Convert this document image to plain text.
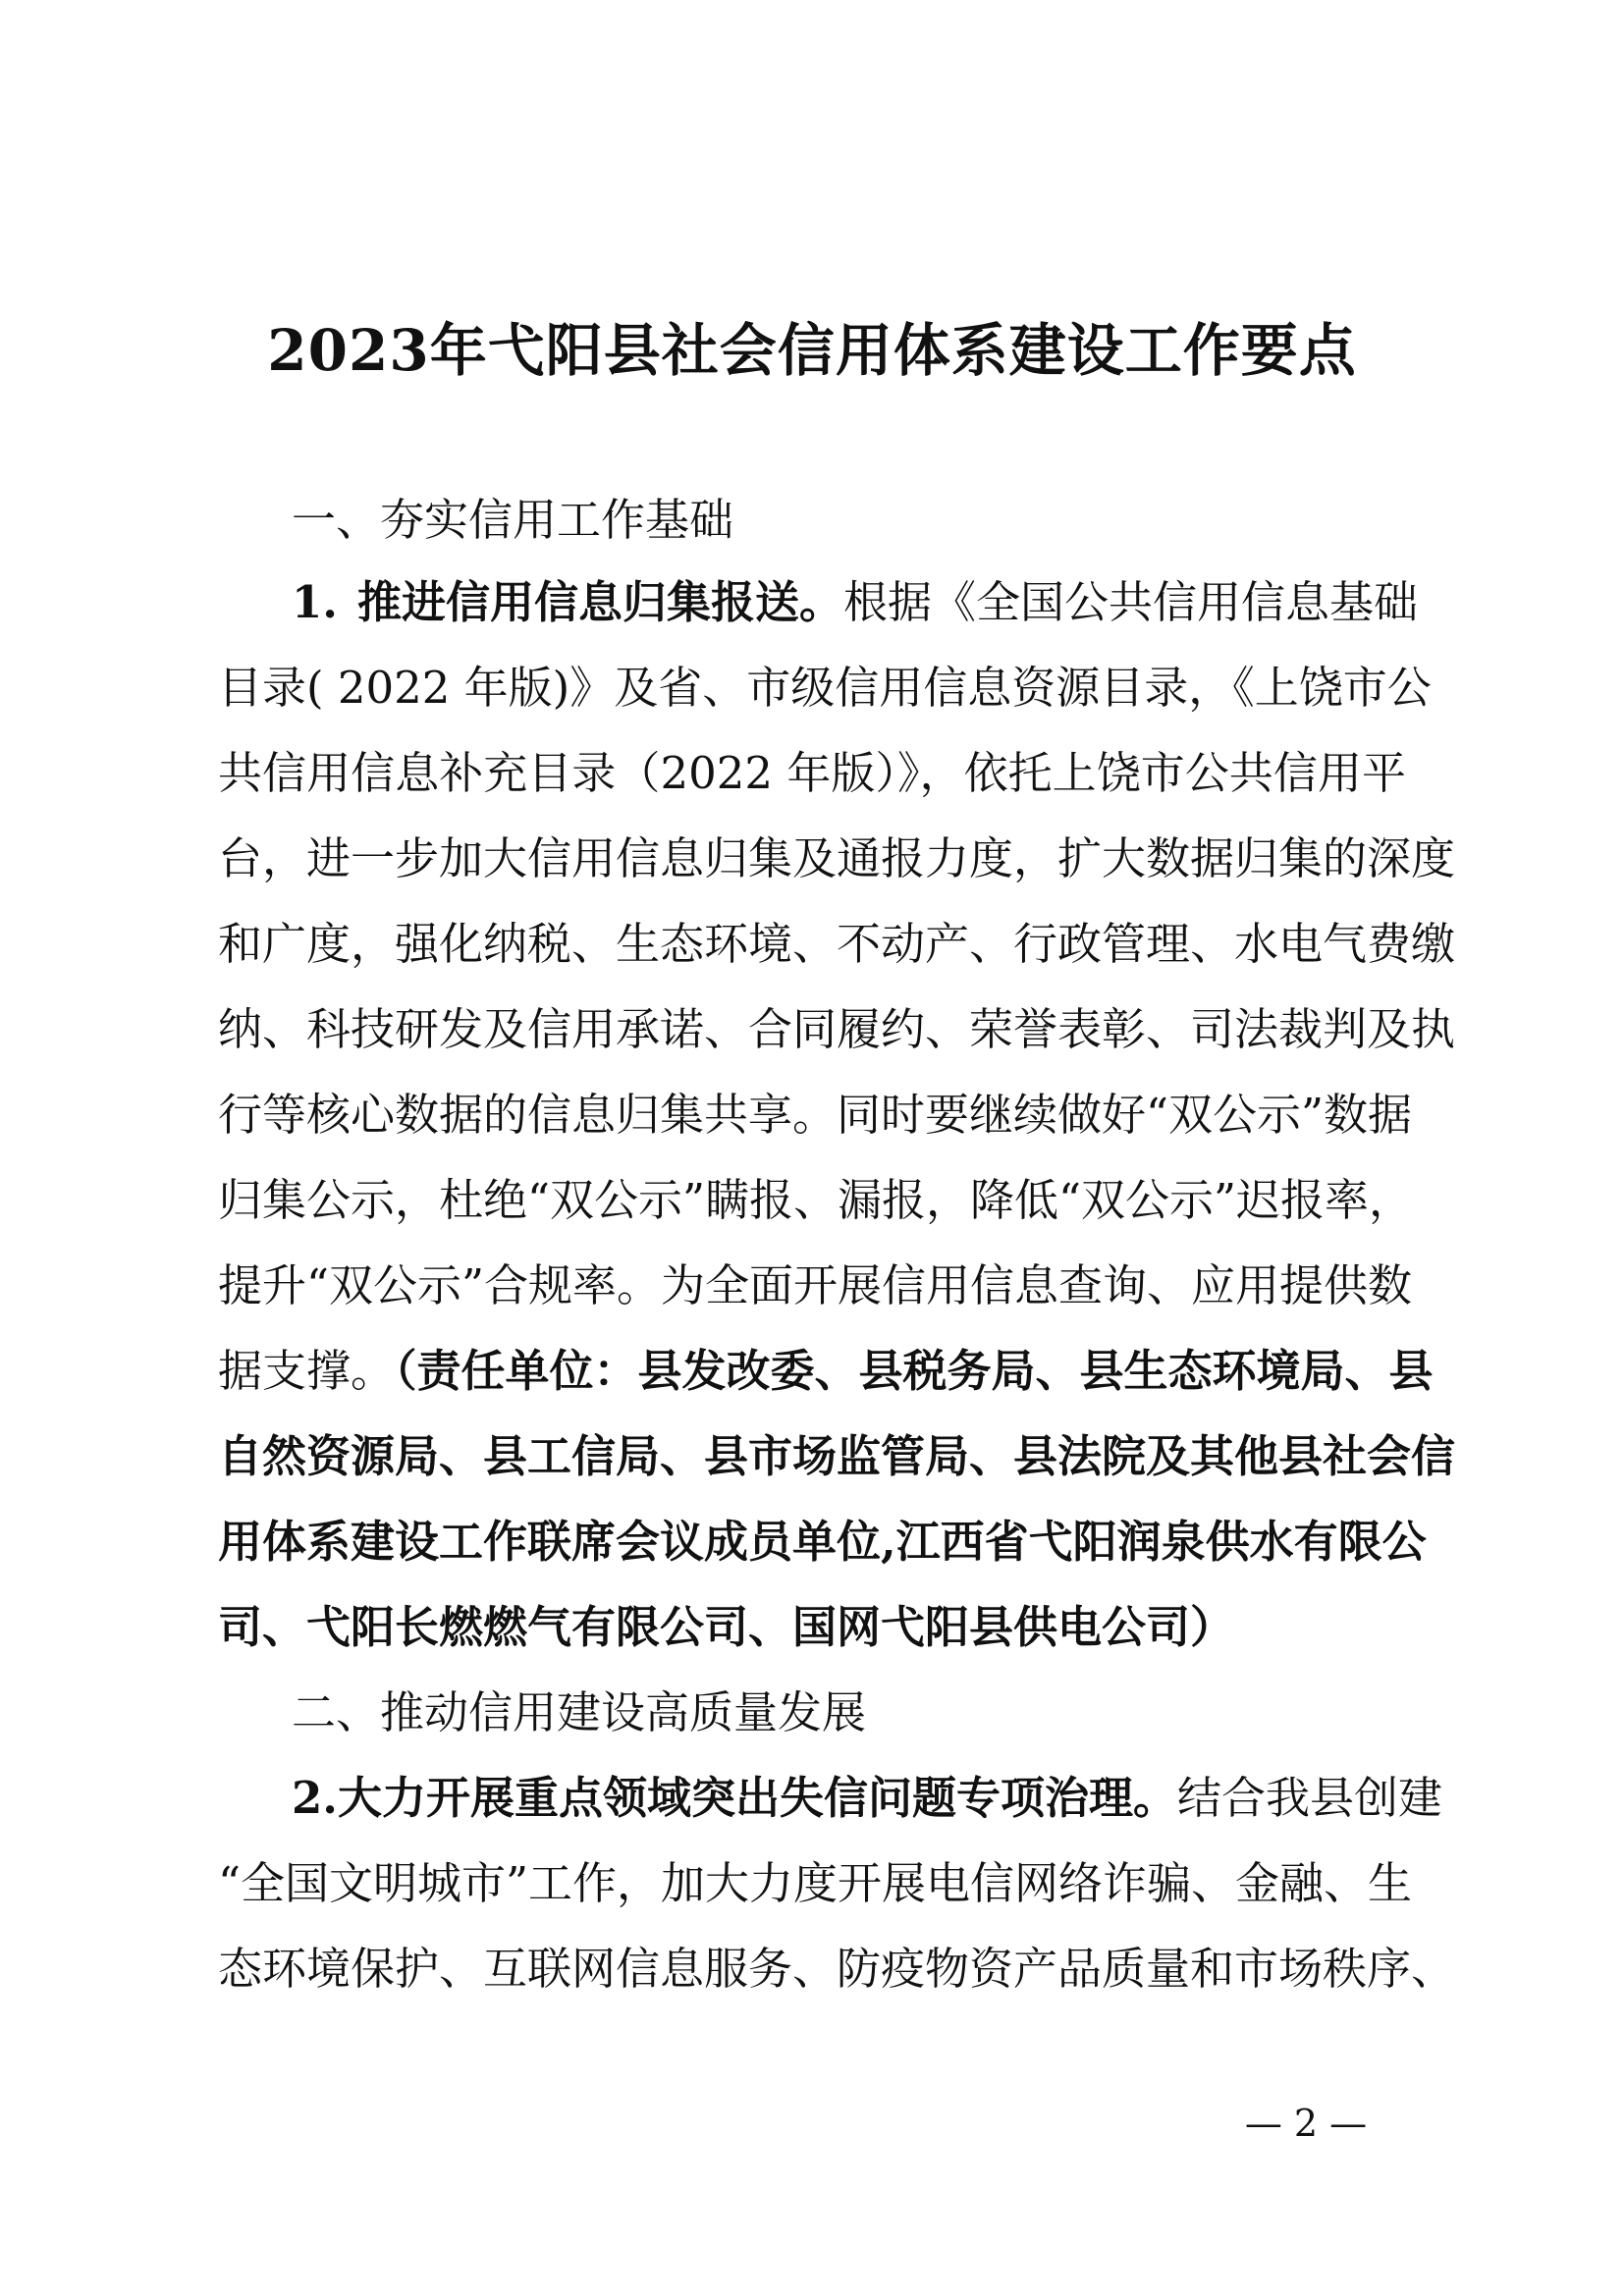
2023年弋阳县社会信用体系建设工作要点
一、夯实信用工作基础
1. 推进信用信息归集报送。根据《全国公共信用信息基础
目录( 2022 年版)》及省、市级信用信息资源目录，《上饶市公
共信用信息补充目录（2022 年版）》，依托上饶市公共信用平
台，进一步加大信用信息归集及通报力度，扩大数据归集的深度
和广度，强化纳税、生态环境、不动产、行政管理、水电气费缴
纳、科技研发及信用承诺、合同履约、荣誉表彰、司法裁判及执
行等核心数据的信息归集共享。同时要继续做好“双公示”数据
归集公示，杜绝“双公示”瞒报、漏报，降低“双公示”迟报率，
提升“双公示”合规率。为全面开展信用信息查询、应用提供数
据支撑。（责任单位：县发改委、县税务局、县生态环境局、县
自然资源局、县工信局、县市场监管局、县法院及其他县社会信
用体系建设工作联席会议成员单位,江西省弋阳润泉供水有限公
司、弋阳长燃燃气有限公司、国网弋阳县供电公司）
二、推动信用建设高质量发展
2.大力开展重点领域突出失信问题专项治理。结合我县创建
“全国文明城市”工作，加大力度开展电信网络诈骗、金融、生
态环境保护、互联网信息服务、防疫物资产品质量和市场秩序、
— 2 —
